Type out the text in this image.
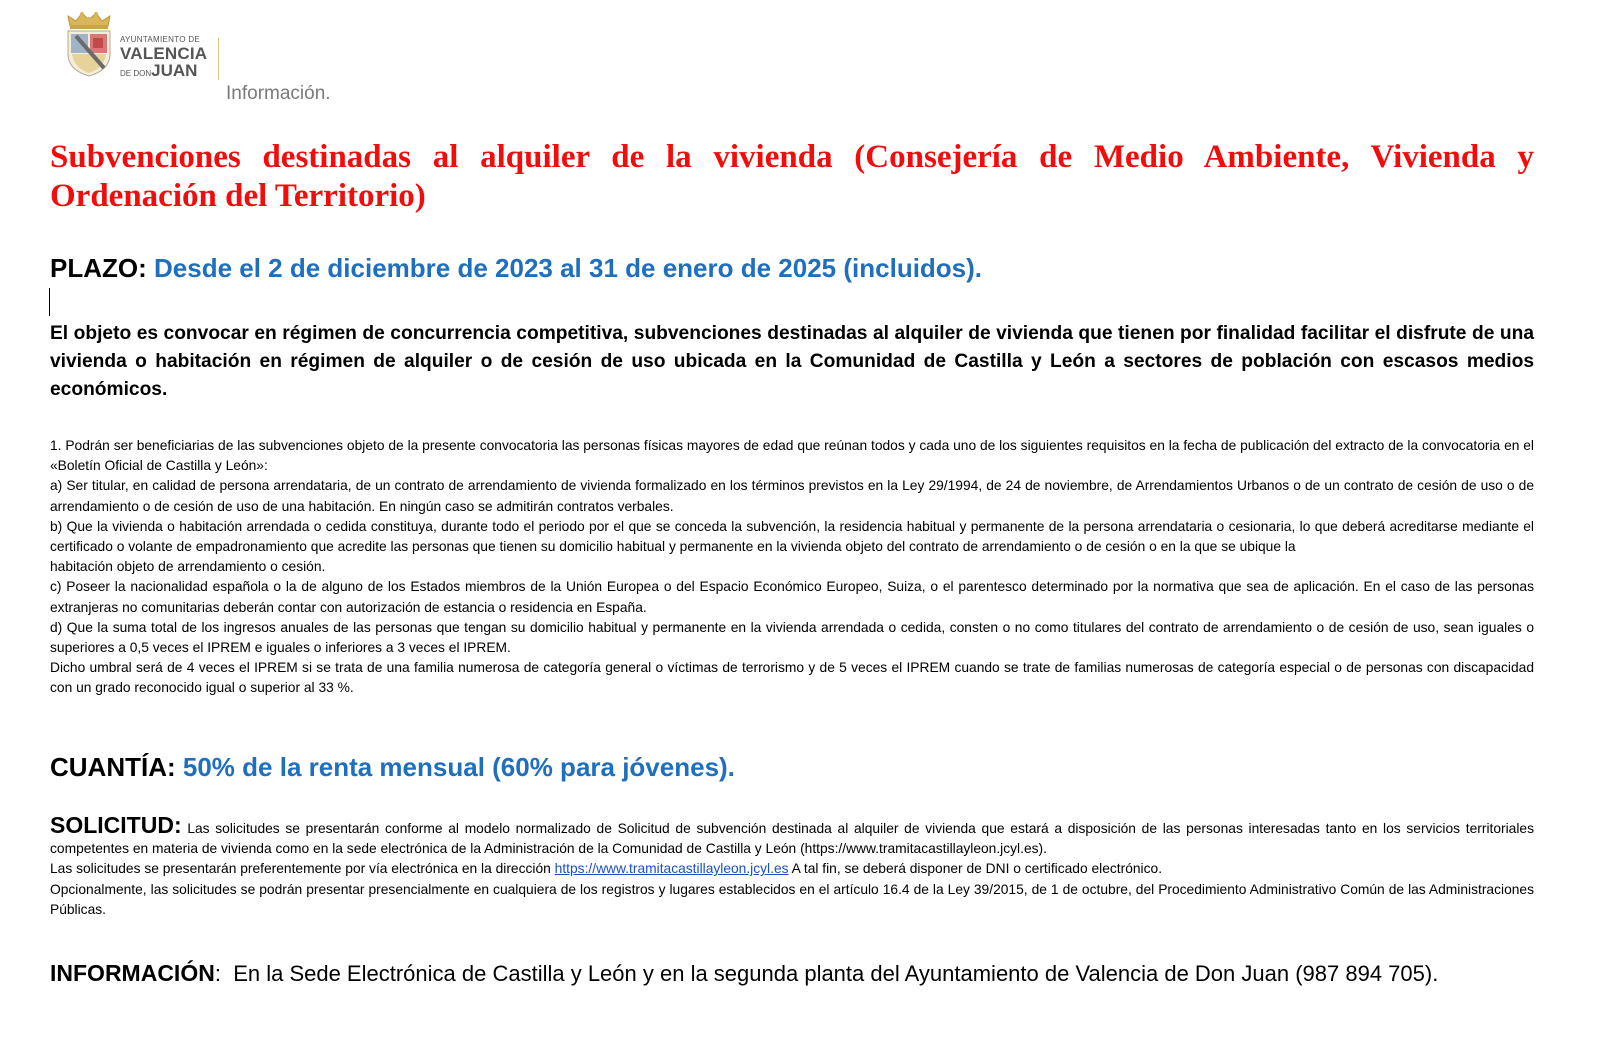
AYUNTAMIENTO DE
VALENCIA
DE DONJUAN
Información.
Subvenciones destinadas al alquiler de la vivienda (Consejería de Medio Ambiente, Vivienda y Ordenación del Territorio)
PLAZO: Desde el 2 de diciembre de 2023 al 31 de enero de 2025 (incluidos).

El objeto es convocar en régimen de concurrencia competitiva, subvenciones destinadas al alquiler de vivienda que tienen por finalidad facilitar el disfrute de una vivienda o habitación en régimen de alquiler o de cesión de uso ubicada en la Comunidad de Castilla y León a sectores de población con escasos medios económicos.

1. Podrán ser beneficiarias de las subvenciones objeto de la presente convocatoria las personas físicas mayores de edad que reúnan todos y cada uno de los siguientes requisitos en la fecha de publicación del extracto de la convocatoria en el «Boletín Oficial de Castilla y León»:

a) Ser titular, en calidad de persona arrendataria, de un contrato de arrendamiento de vivienda formalizado en los términos previstos en la Ley 29/1994, de 24 de noviembre, de Arrendamientos Urbanos o de un contrato de cesión de uso o de arrendamiento o de cesión de uso de una habitación. En ningún caso se admitirán contratos verbales.

b) Que la vivienda o habitación arrendada o cedida constituya, durante todo el periodo por el que se conceda la subvención, la residencia habitual y permanente de la persona arrendataria o cesionaria, lo que deberá acreditarse mediante el certificado o volante de empadronamiento que acredite las personas que tienen su domicilio habitual y permanente en la vivienda objeto del contrato de arrendamiento o de cesión o en la que se ubique la

habitación objeto de arrendamiento o cesión.

c) Poseer la nacionalidad española o la de alguno de los Estados miembros de la Unión Europea o del Espacio Económico Europeo, Suiza, o el parentesco determinado por la normativa que sea de aplicación. En el caso de las personas extranjeras no comunitarias deberán contar con autorización de estancia o residencia en España.

d) Que la suma total de los ingresos anuales de las personas que tengan su domicilio habitual y permanente en la vivienda arrendada o cedida, consten o no como titulares del contrato de arrendamiento o de cesión de uso, sean iguales o superiores a 0,5 veces el IPREM e iguales o inferiores a 3 veces el IPREM.

Dicho umbral será de 4 veces el IPREM si se trata de una familia numerosa de categoría general o víctimas de terrorismo y de 5 veces el IPREM cuando se trate de familias numerosas de categoría especial o de personas con discapacidad con un grado reconocido igual o superior al 33 %.

CUANTÍA: 50% de la renta mensual (60% para jóvenes).

SOLICITUD: Las solicitudes se presentarán conforme al modelo normalizado de Solicitud de subvención destinada al alquiler de vivienda que estará a disposición de las personas interesadas tanto en los servicios territoriales competentes en materia de vivienda como en la sede electrónica de la Administración de la Comunidad de Castilla y León (https://www.tramitacastillayleon.jcyl.es).

Las solicitudes se presentarán preferentemente por vía electrónica en la dirección https://www.tramitacastillayleon.jcyl.es A tal fin, se deberá disponer de DNI o certificado electrónico.

Opcionalmente, las solicitudes se podrán presentar presencialmente en cualquiera de los registros y lugares establecidos en el artículo 16.4 de la Ley 39/2015, de 1 de octubre, del Procedimiento Administrativo Común de las Administraciones Públicas.

INFORMACIÓN: En la Sede Electrónica de Castilla y León y en la segunda planta del Ayuntamiento de Valencia de Don Juan (987 894 705).
